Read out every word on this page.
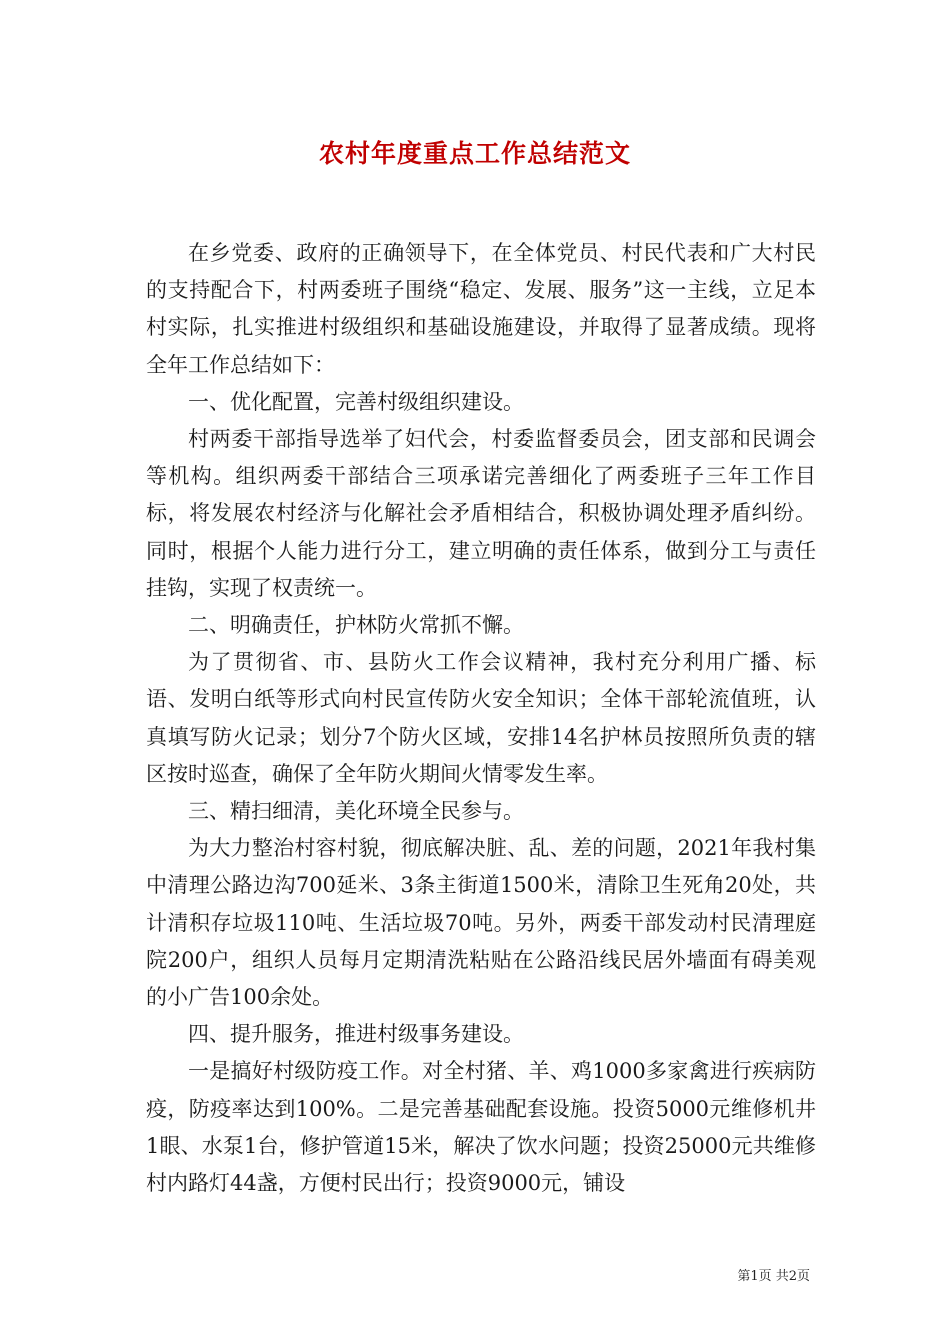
农村年度重点工作总结范文

在乡党委、政府的正确领导下，在全体党员、村民代表和广大村民的支持配合下，村两委班子围绕“稳定、发展、服务”这一主线，立足本村实际，扎实推进村级组织和基础设施建设，并取得了显著成绩。现将全年工作总结如下：

一、优化配置，完善村级组织建设。

村两委干部指导选举了妇代会，村委监督委员会，团支部和民调会等机构。组织两委干部结合三项承诺完善细化了两委班子三年工作目标，将发展农村经济与化解社会矛盾相结合，积极协调处理矛盾纠纷。同时，根据个人能力进行分工，建立明确的责任体系，做到分工与责任挂钩，实现了权责统一。

二、明确责任，护林防火常抓不懈。

为了贯彻省、市、县防火工作会议精神，我村充分利用广播、标语、发明白纸等形式向村民宣传防火安全知识；全体干部轮流值班，认真填写防火记录；划分7个防火区域，安排14名护林员按照所负责的辖区按时巡查，确保了全年防火期间火情零发生率。

三、精扫细清，美化环境全民参与。

为大力整治村容村貌，彻底解决脏、乱、差的问题，2021年我村集中清理公路边沟700延米、3条主街道1500米，清除卫生死角20处，共计清积存垃圾110吨、生活垃圾70吨。另外，两委干部发动村民清理庭院200户，组织人员每月定期清洗粘贴在公路沿线民居外墙面有碍美观的小广告100余处。

四、提升服务，推进村级事务建设。

一是搞好村级防疫工作。对全村猪、羊、鸡1000多家禽进行疾病防疫，防疫率达到100%。二是完善基础配套设施。投资5000元维修机井1眼、水泵1台，修护管道15米，解决了饮水问题；投资25000元共维修村内路灯44盏，方便村民出行；投资9000元，铺设

第1页 共2页
